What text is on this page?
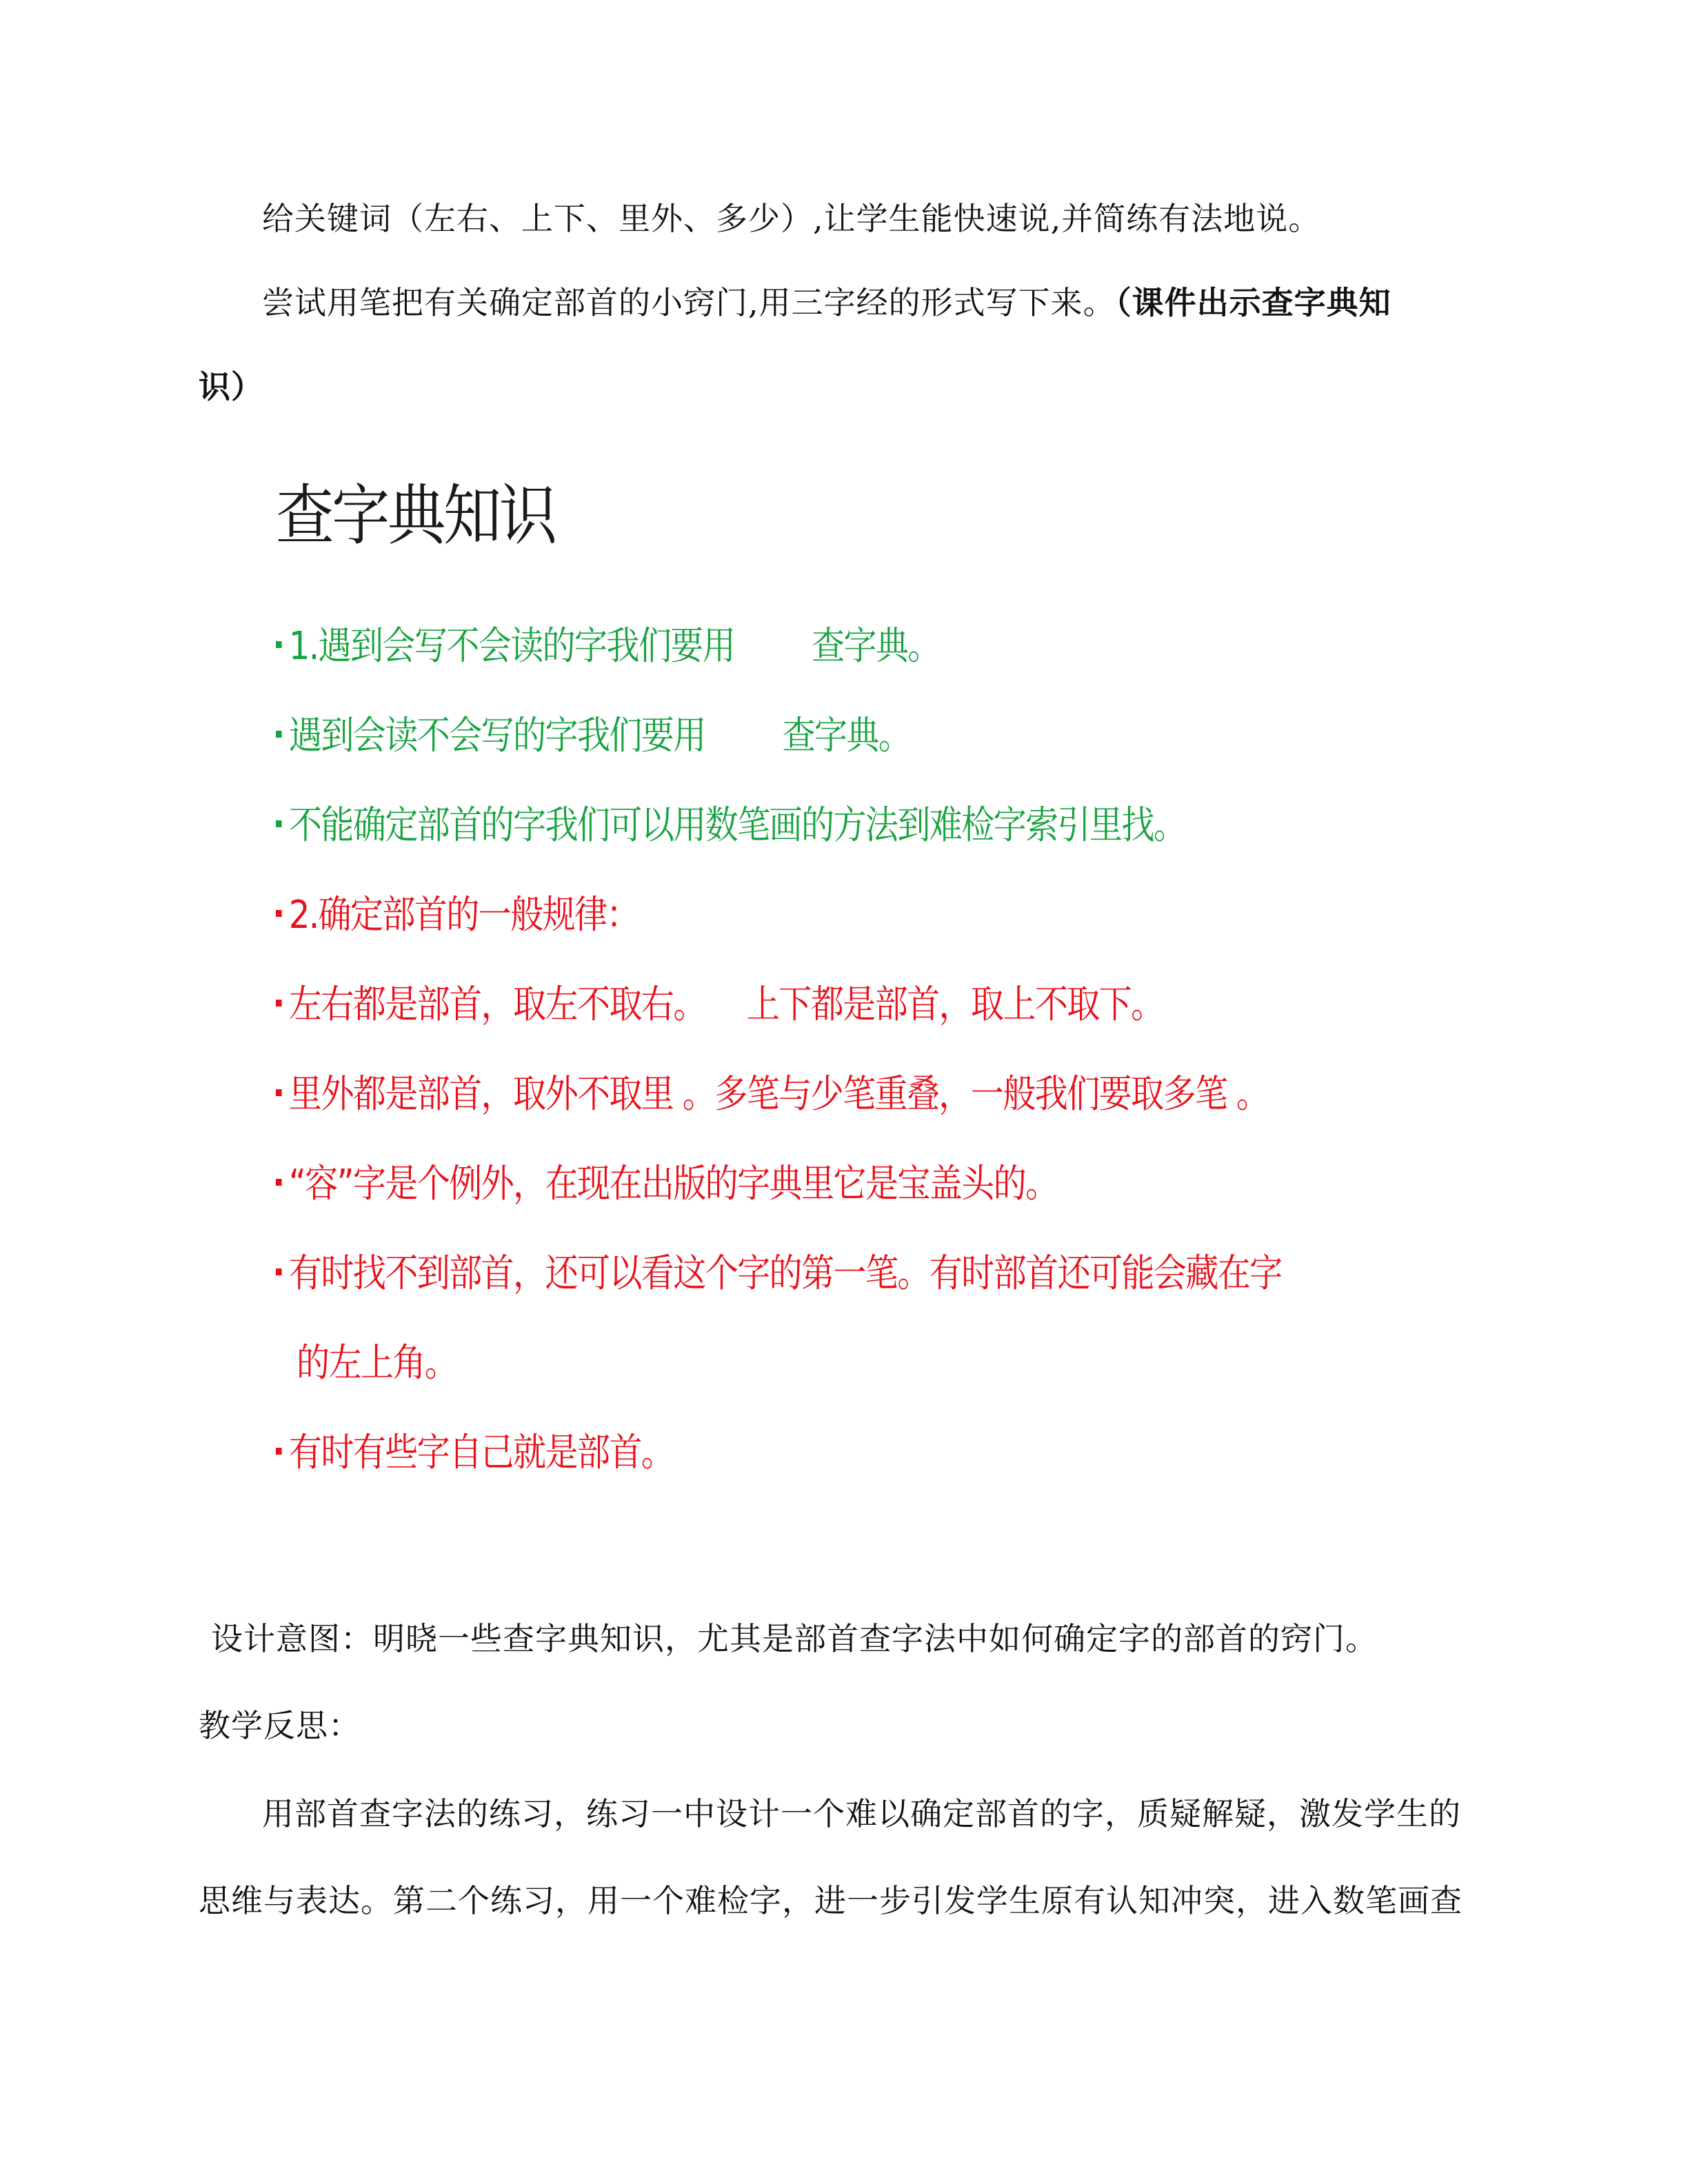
给关键词（左右、上下、里外、多少）,让学生能快速说,并简练有法地说。
尝试用笔把有关确定部首的小窍门,用三字经的形式写下来。（课件出示查字典知
识）
查字典知识
1.遇到会写不会读的字我们要用 查字典。
遇到会读不会写的字我们要用 查字典。
不能确定部首的字我们可以用数笔画的方法到难检字索引里找。
2.确定部首的一般规律：
左右都是部首，取左不取右。 上下都是部首，取上不取下。
里外都是部首，取外不取里 。多笔与少笔重叠，一般我们要取多笔 。
“容”字是个例外，在现在出版的字典里它是宝盖头的。
有时找不到部首，还可以看这个字的第一笔。有时部首还可能会藏在字
的左上角。
有时有些字自己就是部首。
设计意图：明晓一些查字典知识，尤其是部首查字法中如何确定字的部首的窍门。
教学反思：
用部首查字法的练习，练习一中设计一个难以确定部首的字，质疑解疑，激发学生的
思维与表达。第二个练习，用一个难检字，进一步引发学生原有认知冲突，进入数笔画查
